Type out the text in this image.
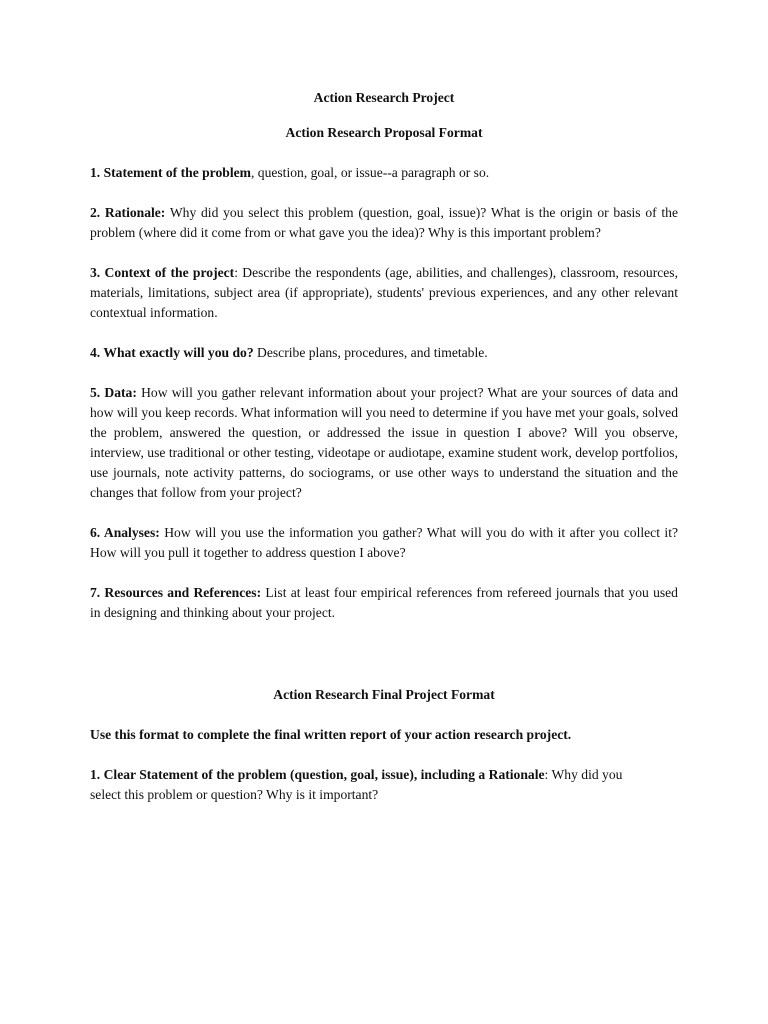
Action Research Project

Action Research Proposal Format

1. Statement of the problem, question, goal, or issue--a paragraph or so.

2. Rationale: Why did you select this problem (question, goal, issue)? What is the origin or basis of the problem (where did it come from or what gave you the idea)? Why is this important problem?

3. Context of the project: Describe the respondents (age, abilities, and challenges), classroom, resources, materials, limitations, subject area (if appropriate), students' previous experiences, and any other relevant contextual information.

4. What exactly will you do? Describe plans, procedures, and timetable.

5. Data: How will you gather relevant information about your project? What are your sources of data and how will you keep records. What information will you need to determine if you have met your goals, solved the problem, answered the question, or addressed the issue in question I above? Will you observe, interview, use traditional or other testing, videotape or audiotape, examine student work, develop portfolios, use journals, note activity patterns, do sociograms, or use other ways to understand the situation and the changes that follow from your project?

6. Analyses: How will you use the information you gather? What will you do with it after you collect it? How will you pull it together to address question I above?

7. Resources and References: List at least four empirical references from refereed journals that you used in designing and thinking about your project.

Action Research Final Project Format

Use this format to complete the final written report of your action research project.

1. Clear Statement of the problem (question, goal, issue), including a Rationale: Why did you select this problem or question? Why is it important?
